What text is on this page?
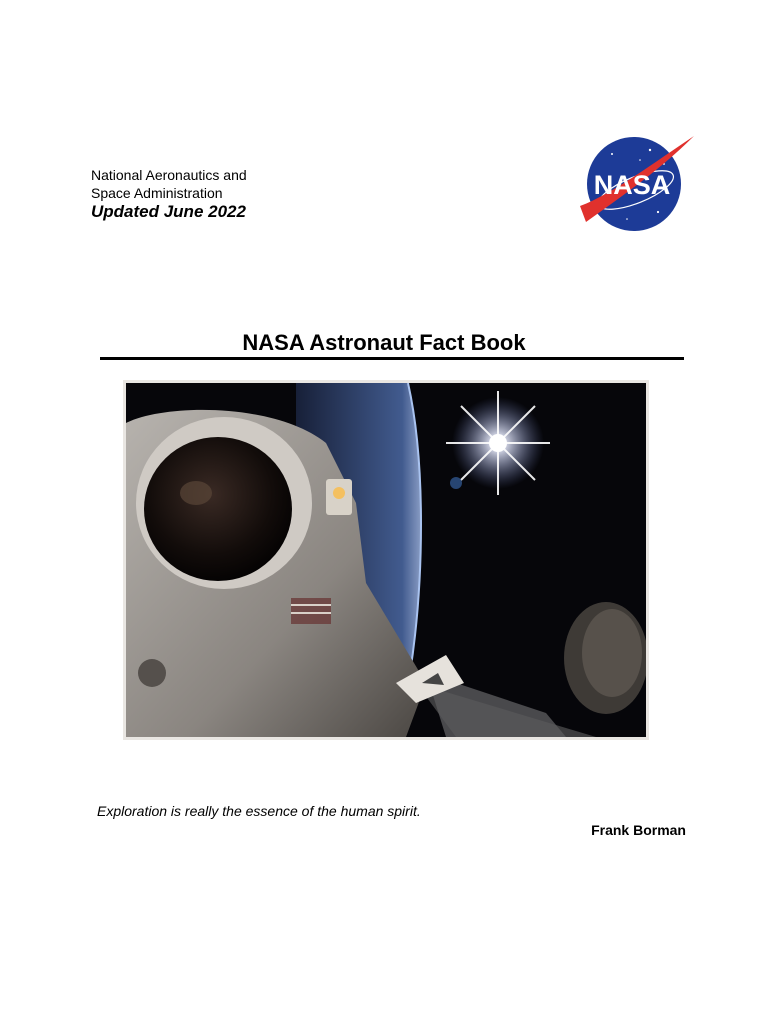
National Aeronautics and
Space Administration
Updated June 2022
NASA
NASA Astronaut Fact Book
Exploration is really the essence of the human spirit.
Frank Borman
